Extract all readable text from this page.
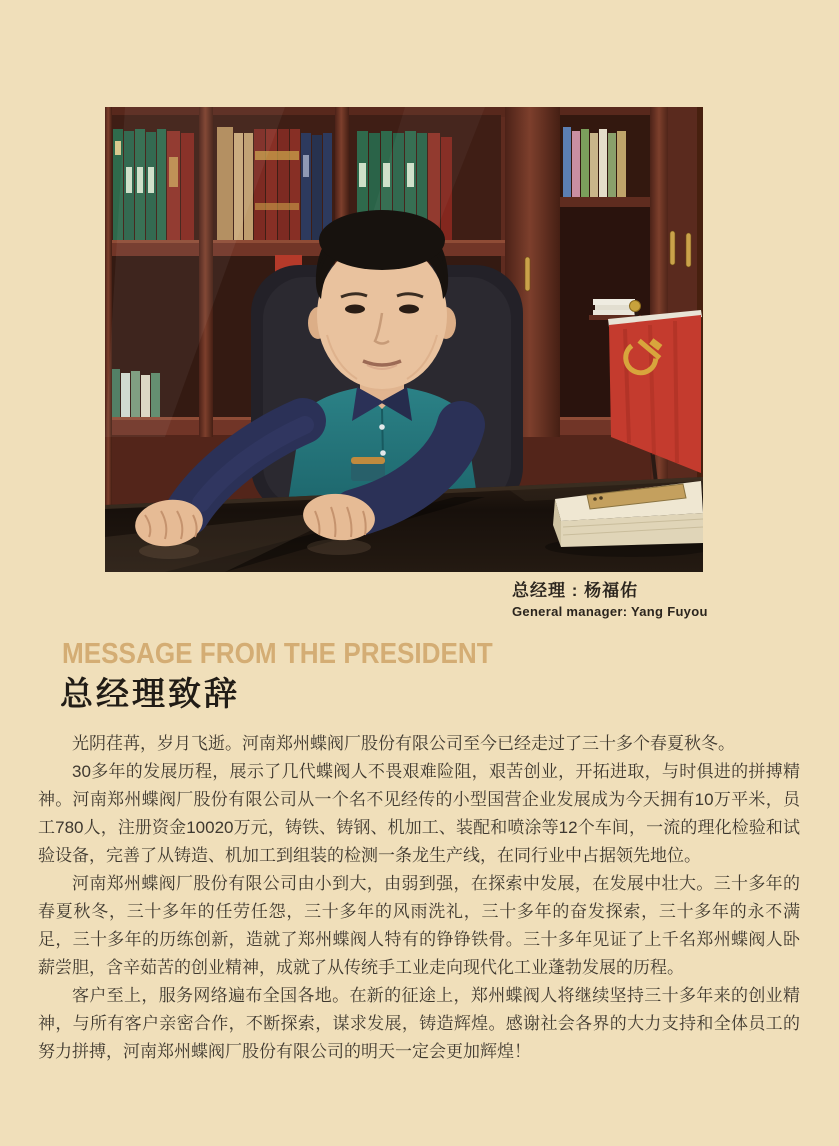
总经理 : 杨福佑
General manager: Yang Fuyou
MESSAGE FROM THE PRESIDENT
总经理致辞

光阴荏苒，岁月飞逝。河南郑州蝶阀厂股份有限公司至今已经走过了三十多个春夏秋冬。

30多年的发展历程，展示了几代蝶阀人不畏艰难险阻，艰苦创业，开拓进取，与时俱进的拼搏精神。河南郑州蝶阀厂股份有限公司从一个名不见经传的小型国营企业发展成为今天拥有10万平米，员工780人，注册资金10020万元，铸铁、铸钢、机加工、装配和喷涂等12个车间，一流的理化检验和试验设备，完善了从铸造、机加工到组装的检测一条龙生产线，在同行业中占据领先地位。

河南郑州蝶阀厂股份有限公司由小到大，由弱到强，在探索中发展，在发展中壮大。三十多年的春夏秋冬，三十多年的任劳任怨，三十多年的风雨洗礼，三十多年的奋发探索，三十多年的永不满足，三十多年的历练创新，造就了郑州蝶阀人特有的铮铮铁骨。三十多年见证了上千名郑州蝶阀人卧薪尝胆，含辛茹苦的创业精神，成就了从传统手工业走向现代化工业蓬勃发展的历程。

客户至上，服务网络遍布全国各地。在新的征途上，郑州蝶阀人将继续坚持三十多年来的创业精神，与所有客户亲密合作，不断探索，谋求发展，铸造辉煌。感谢社会各界的大力支持和全体员工的努力拼搏，河南郑州蝶阀厂股份有限公司的明天一定会更加辉煌！
